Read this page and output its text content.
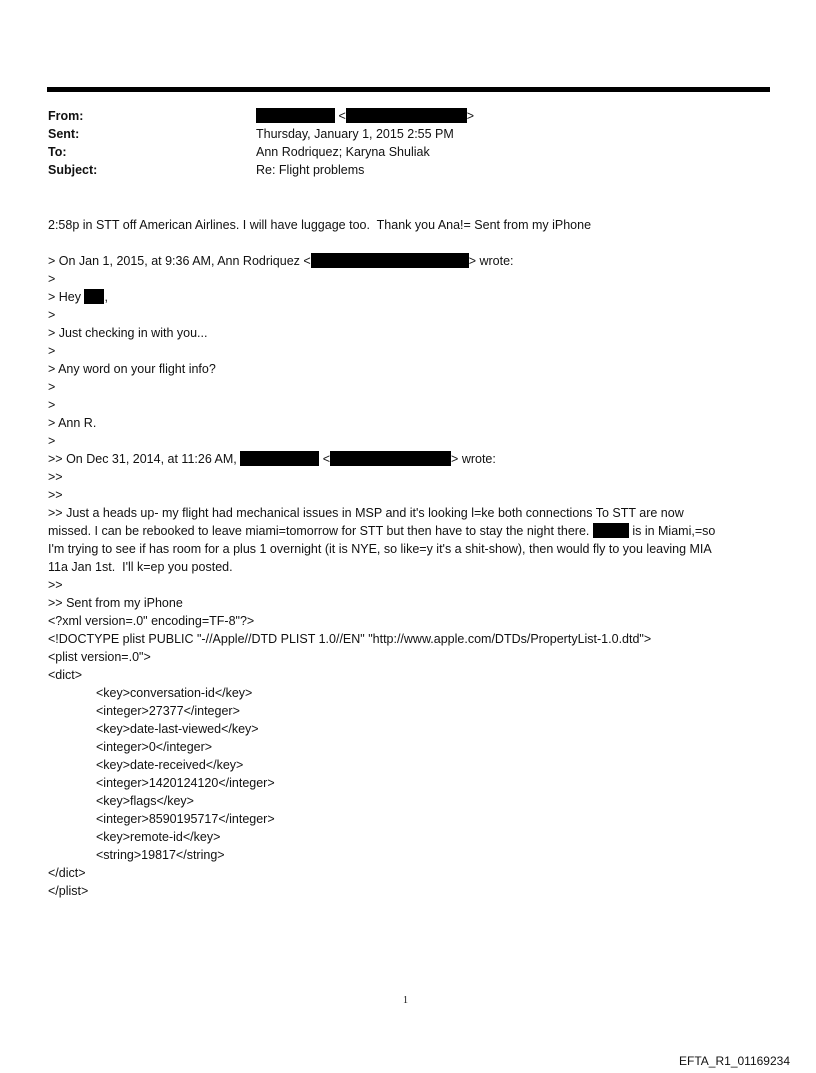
From:	<	>
Sent:	Thursday, January 1, 2015 2:55 PM
To:	Ann Rodriquez; Karyna Shuliak
Subject:	Re: Flight problems
2:58p in STT off American Airlines. I will have luggage too.  Thank you Ana!= Sent from my iPhone
> On Jan 1, 2015, at 9:36 AM, Ann Rodriquez <	> wrote:
>
> Hey ,
>
> Just checking in with you...
>
> Any word on your flight info?
>
>
> Ann R.
>
>> On Dec 31, 2014, at 11:26 AM,	<	> wrote:
>>
>>
>> Just a heads up- my flight had mechanical issues in MSP and it's looking l=ke both connections To STT are now
missed. I can be rebooked to leave miami=tomorrow for STT but then have to stay the night there.	is in Miami,=so
I'm trying to see if has room for a plus 1 overnight (it is NYE, so like=y it's a shit-show), then would fly to you leaving MIA
11a Jan 1st.  I'll k=ep you posted.
>>
>> Sent from my iPhone
<?xml version=.0" encoding=TF-8"?>
<!DOCTYPE plist PUBLIC "-//Apple//DTD PLIST 1.0//EN" "http://www.apple.com/DTDs/PropertyList-1.0.dtd">
<plist version=.0">
<dict>
<key>conversation-id</key>
<integer>27377</integer>
<key>date-last-viewed</key>
<integer>0</integer>
<key>date-received</key>
<integer>1420124120</integer>
<key>flags</key>
<integer>8590195717</integer>
<key>remote-id</key>
<string>19817</string>
</dict>
</plist>
1
EFTA_R1_01169234
